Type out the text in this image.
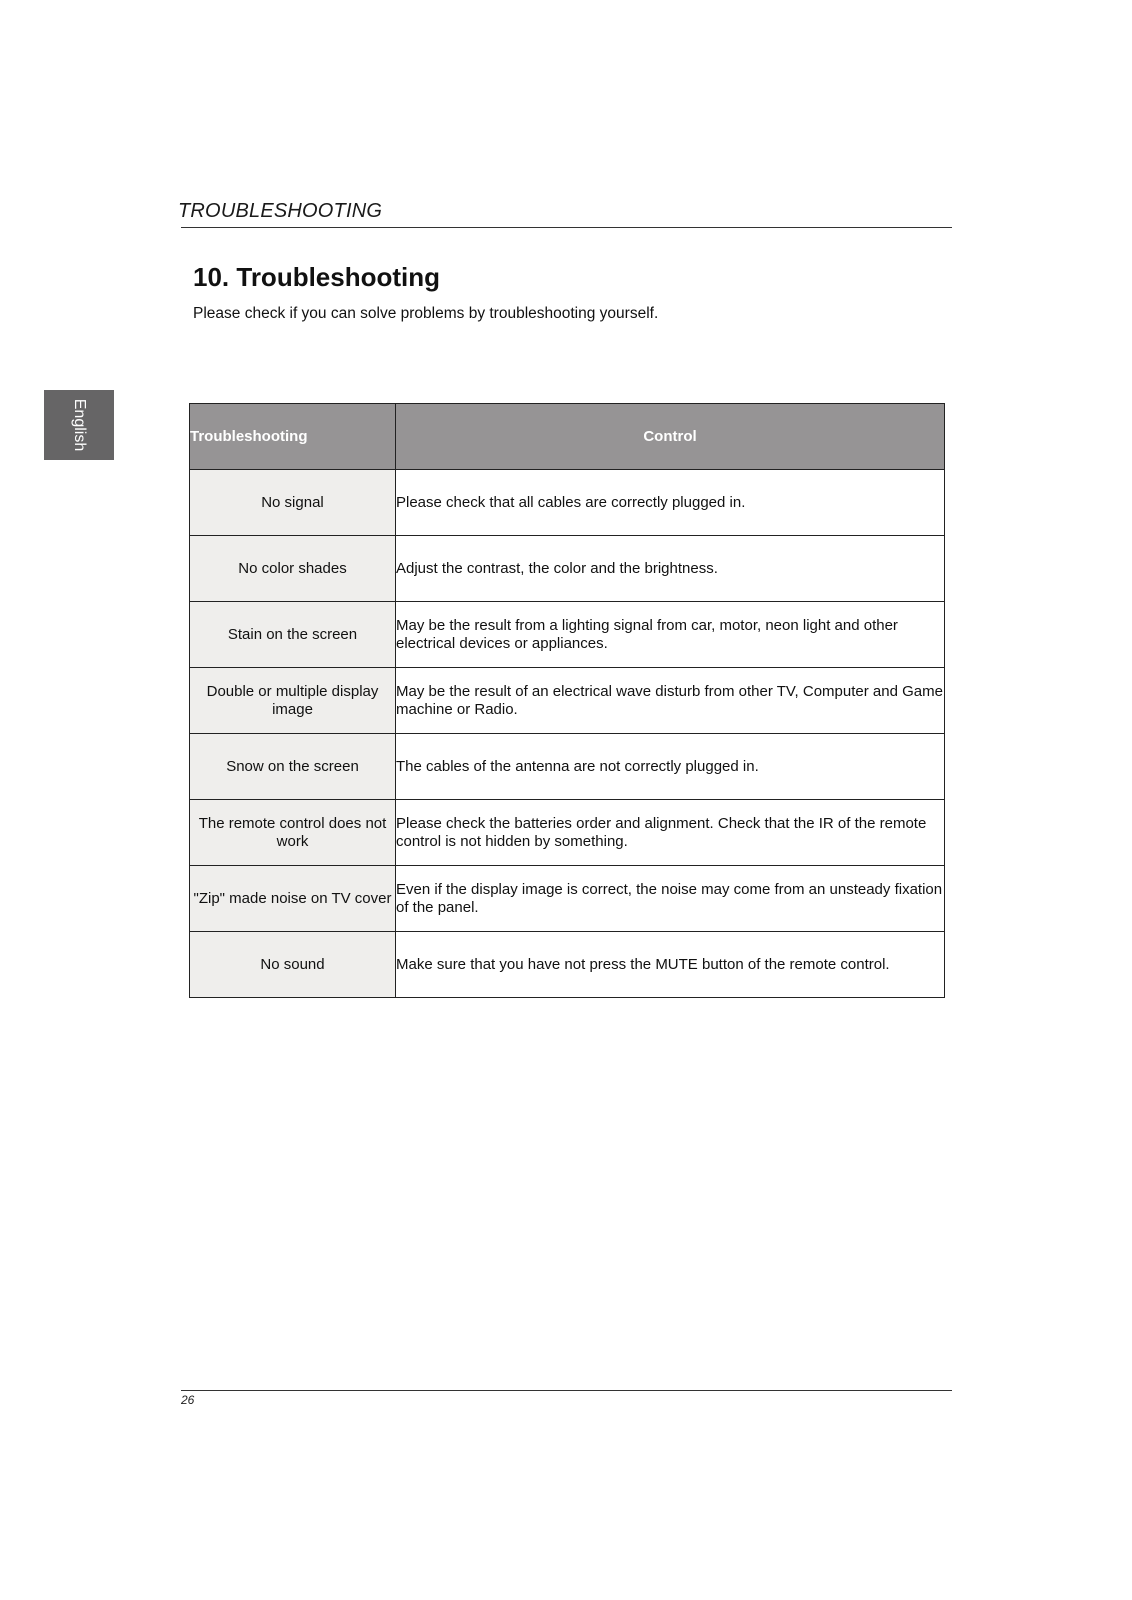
TROUBLESHOOTING
10. Troubleshooting
Please check if you can solve problems by troubleshooting yourself.
English	Troubleshooting	Control
No signal	Please check that all cables are correctly plugged in.
No color shades	Adjust the contrast, the color and the brightness.
Stain on the screen	May be the result from a lighting signal from car, motor, neon light and other electrical devices or appliances.
Double or multiple display image	May be the result of an electrical wave disturb from other TV, Computer and Game machine or Radio.
Snow on the screen	The cables of the antenna are not correctly plugged in.
The remote control does not work	Please check the batteries order and alignment. Check that the IR of the remote control is not hidden by something.
"Zip" made noise on TV cover	Even if the display image is correct, the noise may come from an unsteady fixation of the panel.
No sound	Make sure that you have not press the MUTE button of the remote control.
26
